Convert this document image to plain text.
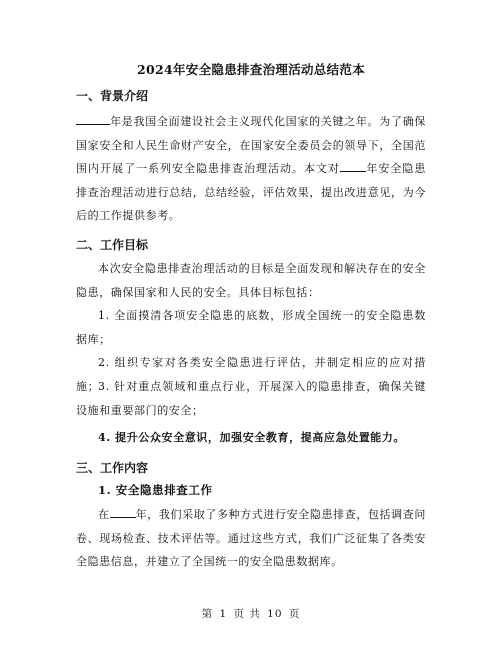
2024年安全隐患排查治理活动总结范本
一、背景介绍

年是我国全面建设社会主义现代化国家的关键之年。为了确保国家安全和人民生命财产安全，在国家安全委员会的领导下，全国范围内开展了一系列安全隐患排查治理活动。本文对 年安全隐患排查治理活动进行总结，总结经验，评估效果，提出改进意见，为今后的工作提供参考。

二、工作目标

本次安全隐患排查治理活动的目标是全面发现和解决存在的安全隐患，确保国家和人民的安全。具体目标包括：

1. 全面摸清各项安全隐患的底数，形成全国统一的安全隐患数据库；

2. 组织专家对各类安全隐患进行评估，并制定相应的应对措施；

3. 针对重点领域和重点行业，开展深入的隐患排查，确保关键设施和重要部门的安全；

4. 提升公众安全意识，加强安全教育，提高应急处置能力。

三、工作内容

1. 安全隐患排查工作

在 年，我们采取了多种方式进行安全隐患排查，包括调查问卷、现场检查、技术评估等。通过这些方式，我们广泛征集了各类安全隐患信息，并建立了全国统一的安全隐患数据库。

第 1 页 共 10 页
